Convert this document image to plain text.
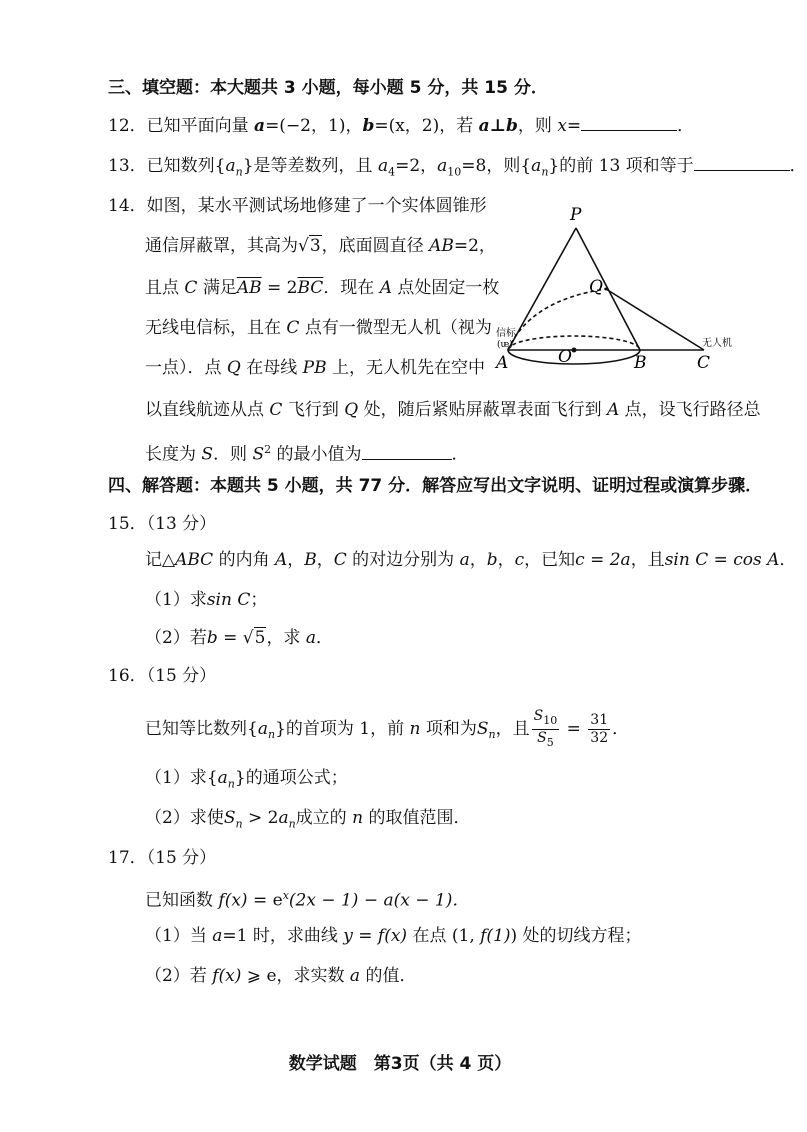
三、填空题：本大题共 3 小题，每小题 5 分，共 15 分．
12．已知平面向量 a=(−2，1)，b=(x，2)，若 a⊥b，则 x=	．
13．已知数列$\{a_n\}$是等差数列，且 $a_4=2$，$a_{10}=8$，则$\{a_n\}$的前 13 项和等于	．
14．如图，某水平测试场地修建了一个实体圆锥形
通信屏蔽罩，其高为√3，底面圆直径 AB=2，
且点 C 满足$\overline{AB} = 2\overline{BC}$．现在 A 点处固定一枚
无线电信标，且在 C 点有一微型无人机（视为
一点）．点 Q 在母线 PB 上，无人机先在空中
以直线航迹从点 C 飞行到 Q 处，随后紧贴屏蔽罩表面飞行到 A 点，设飞行路径总
长度为 S．则 $S^2$ 的最小值为	．
P
Q
A	O	B	C
信标
(ᵫ)	无人机
四、解答题：本题共 5 小题，共 77 分．解答应写出文字说明、证明过程或演算步骤．
15．（13 分）
记△ABC 的内角 A，B，C 的对边分别为 a，b，c，已知c = 2a，且sin C = cos A．
（1）求sin C；
（2）若b = √5，求 a．
16．（15 分）
已知等比数列$\{a_n\}$的首项为 1，前 n 项和为$S_n$，且 $\frac{S_{10}}{S_5} = \frac{31}{32}$ ．
（1）求$\{a_n\}$的通项公式；
（2）求使$S_n > 2a_n$成立的 n 的取值范围．
17．（15 分）
已知函数 $f(x) = e^x(2x - 1) - a(x - 1)$．
（1）当 a=1 时，求曲线 y = f(x) 在点 (1, f(1)) 处的切线方程；
（2）若 f(x) ⩾ e，求实数 a 的值．
数学试题　第3页（共 4 页）
